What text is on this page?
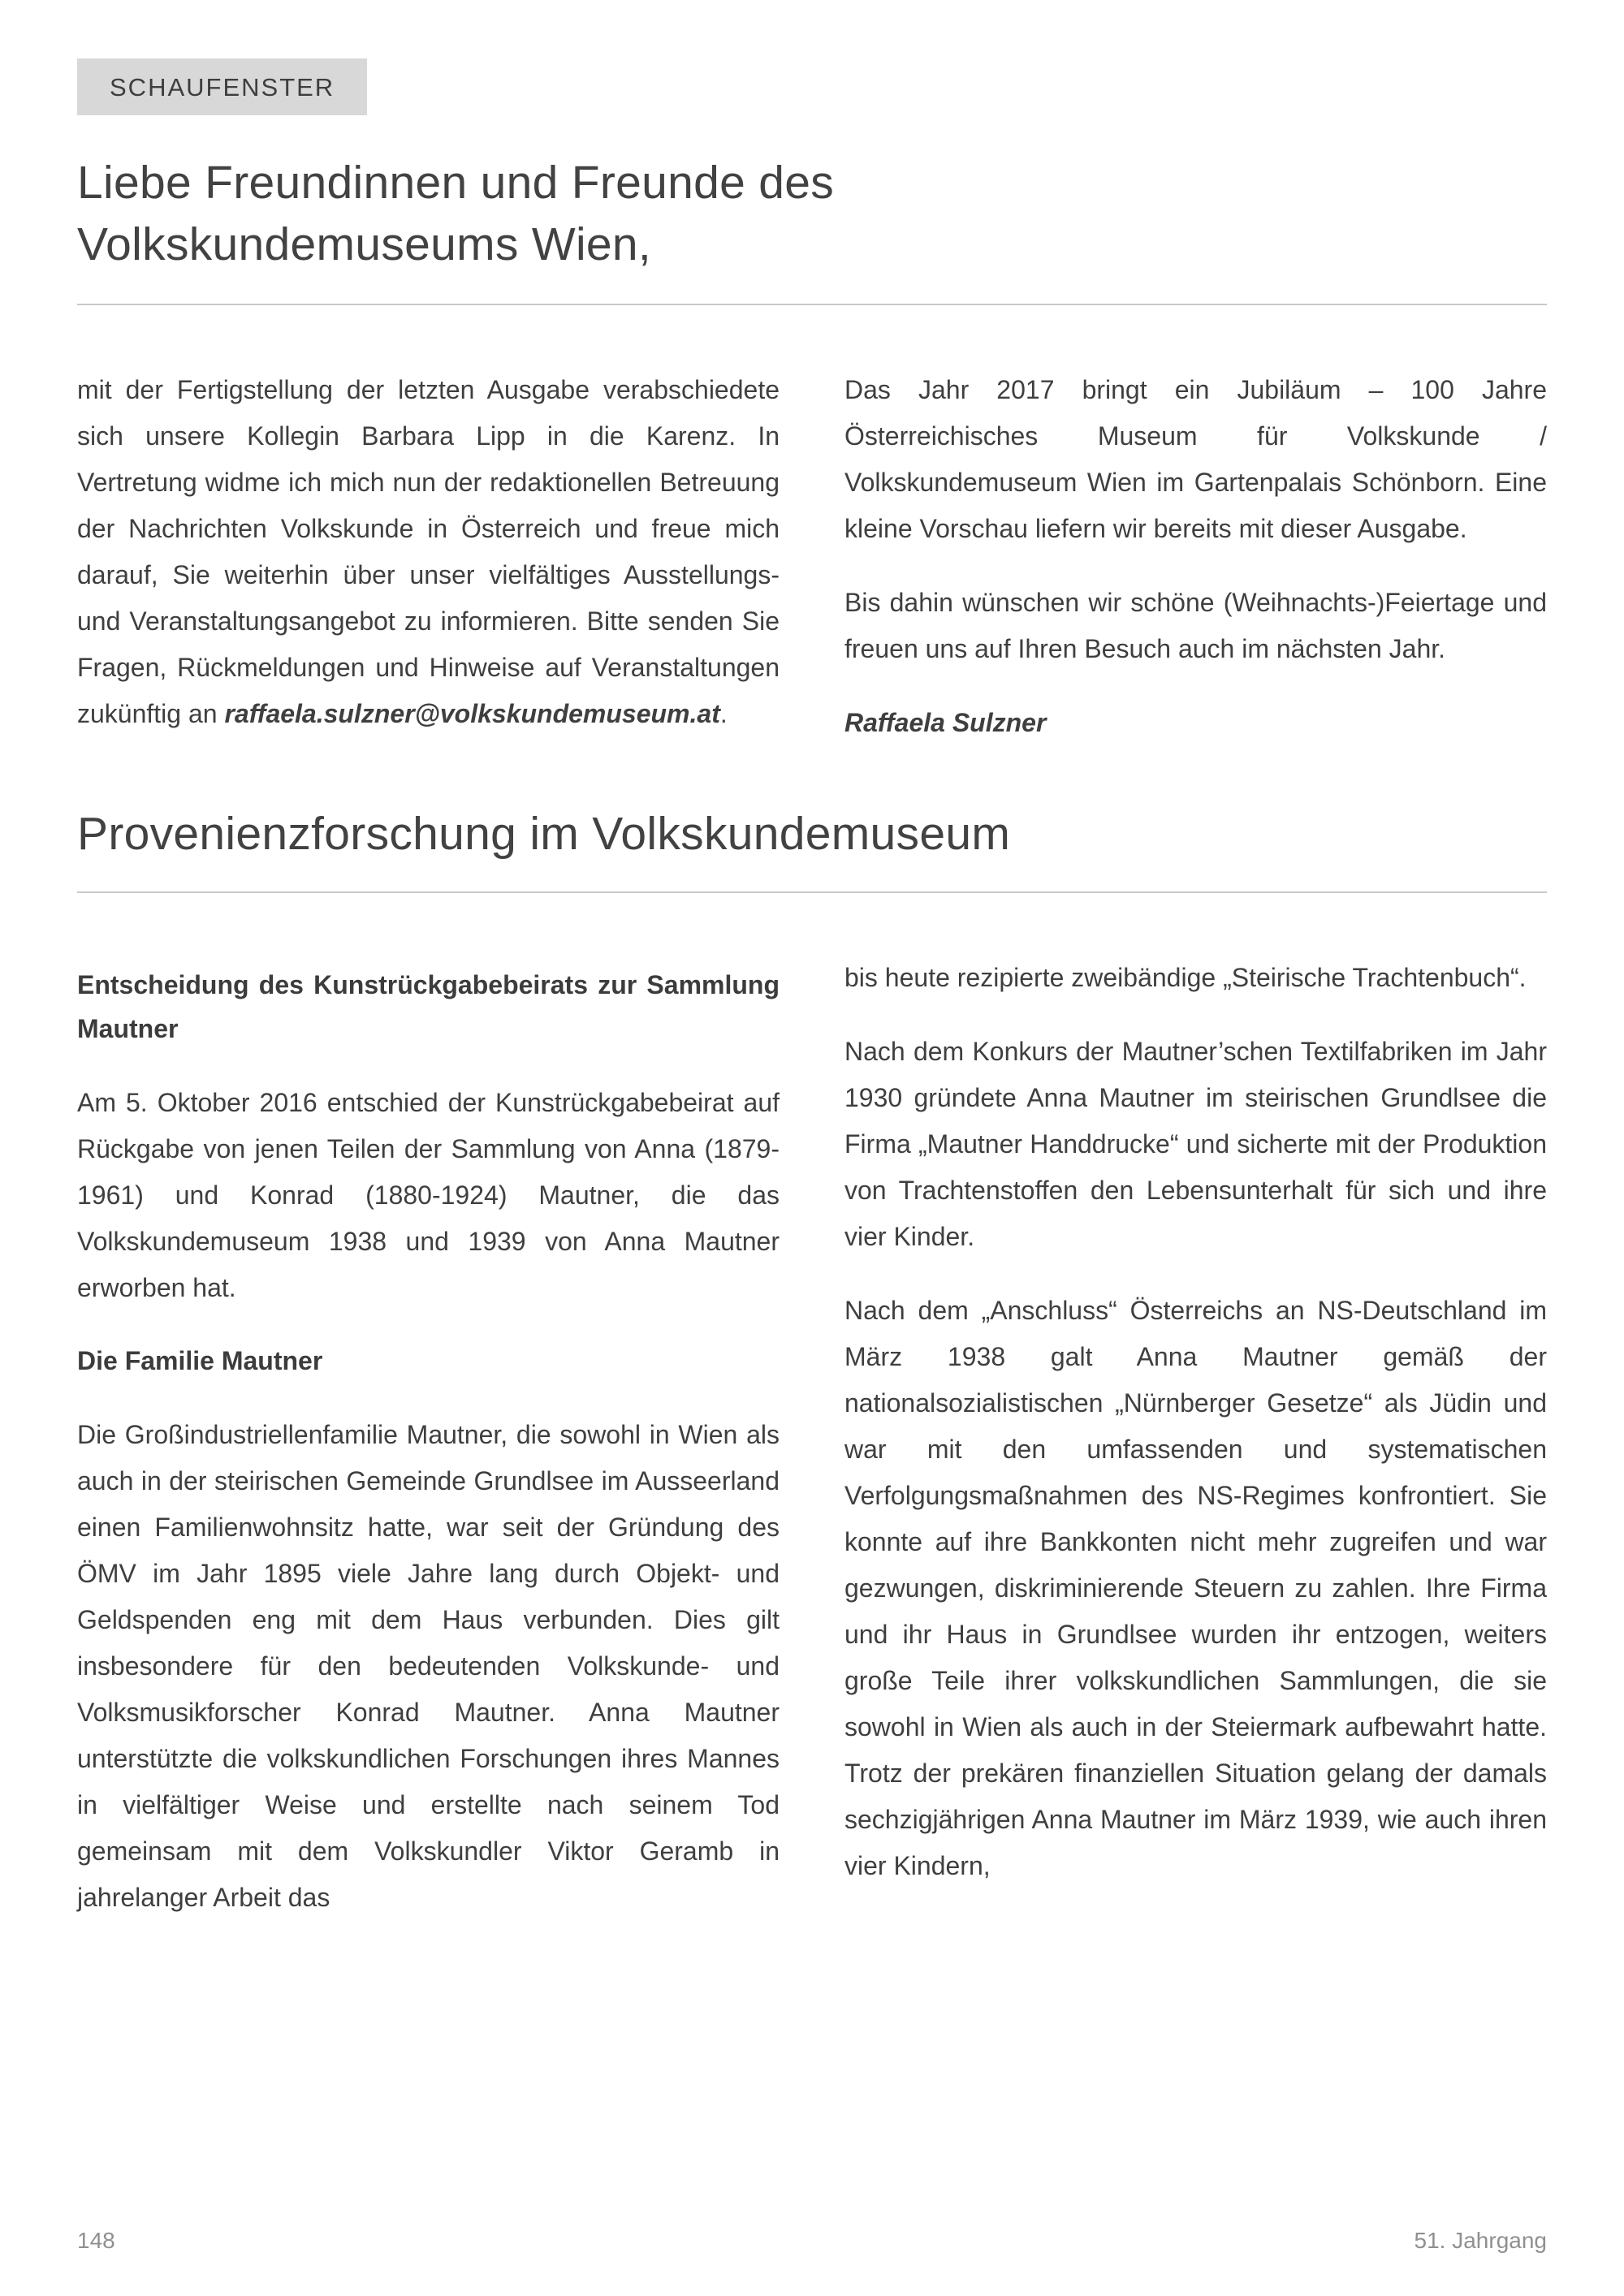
SCHAUFENSTER
Liebe Freundinnen und Freunde des Volkskundemuseums Wien,

mit der Fertigstellung der letzten Ausgabe verabschiedete sich unsere Kollegin Barbara Lipp in die Karenz. In Vertretung widme ich mich nun der redaktionellen Betreuung der Nachrichten Volkskunde in Österreich und freue mich darauf, Sie weiterhin über unser vielfältiges Ausstellungs- und Veranstaltungsangebot zu informieren. Bitte senden Sie Fragen, Rückmeldungen und Hinweise auf Veranstaltungen zukünftig an raffaela.sulzner@volkskundemuseum.at.

Das Jahr 2017 bringt ein Jubiläum – 100 Jahre Österreichisches Museum für Volkskunde / Volkskundemuseum Wien im Gartenpalais Schönborn. Eine kleine Vorschau liefern wir bereits mit dieser Ausgabe.

Bis dahin wünschen wir schöne (Weihnachts-)Feiertage und freuen uns auf Ihren Besuch auch im nächsten Jahr.

Raffaela Sulzner

Provenienzforschung im Volkskundemuseum
Entscheidung des Kunstrückgabebeirats zur Sammlung Mautner

Am 5. Oktober 2016 entschied der Kunstrückgabebeirat auf Rückgabe von jenen Teilen der Sammlung von Anna (1879-1961) und Konrad (1880-1924) Mautner, die das Volkskundemuseum 1938 und 1939 von Anna Mautner erworben hat.

Die Familie Mautner

Die Großindustriellenfamilie Mautner, die sowohl in Wien als auch in der steirischen Gemeinde Grundlsee im Ausseerland einen Familienwohnsitz hatte, war seit der Gründung des ÖMV im Jahr 1895 viele Jahre lang durch Objekt- und Geldspenden eng mit dem Haus verbunden. Dies gilt insbesondere für den bedeutenden Volkskunde- und Volksmusikforscher Konrad Mautner. Anna Mautner unterstützte die volkskundlichen Forschungen ihres Mannes in vielfältiger Weise und erstellte nach seinem Tod gemeinsam mit dem Volkskundler Viktor Geramb in jahrelanger Arbeit das

bis heute rezipierte zweibändige „Steirische Trachtenbuch“.

Nach dem Konkurs der Mautner’schen Textilfabriken im Jahr 1930 gründete Anna Mautner im steirischen Grundlsee die Firma „Mautner Handdrucke“ und sicherte mit der Produktion von Trachtenstoffen den Lebensunterhalt für sich und ihre vier Kinder.

Nach dem „Anschluss“ Österreichs an NS-Deutschland im März 1938 galt Anna Mautner gemäß der nationalsozialistischen „Nürnberger Gesetze“ als Jüdin und war mit den umfassenden und systematischen Verfolgungsmaßnahmen des NS-Regimes konfrontiert. Sie konnte auf ihre Bankkonten nicht mehr zugreifen und war gezwungen, diskriminierende Steuern zu zahlen. Ihre Firma und ihr Haus in Grundlsee wurden ihr entzogen, weiters große Teile ihrer volkskundlichen Sammlungen, die sie sowohl in Wien als auch in der Steiermark aufbewahrt hatte. Trotz der prekären finanziellen Situation gelang der damals sechzigjährigen Anna Mautner im März 1939, wie auch ihren vier Kindern,

148	51. Jahrgang
